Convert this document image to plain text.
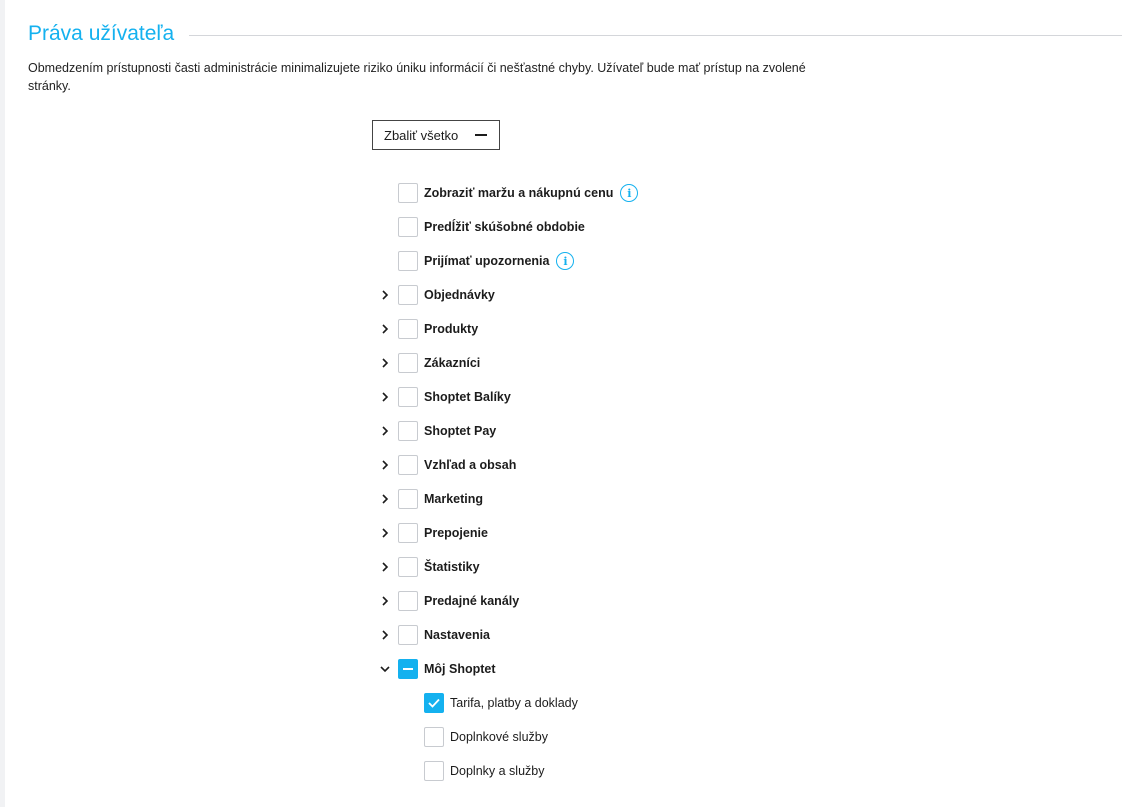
Práva užívateľa
Obmedzením prístupnosti časti administrácie minimalizujete riziko úniku informácií či nešťastné chyby. Užívateľ bude mať prístup na zvolené stránky.
Zbaliť všetko
Zobraziť maržu a nákupnú cenu	i
Predĺžiť skúšobné obdobie
Prijímať upozornenia	i
Objednávky
Produkty
Zákazníci
Shoptet Balíky
Shoptet Pay
Vzhľad a obsah
Marketing
Prepojenie
Štatistiky
Predajné kanály
Nastavenia
Môj Shoptet
Tarifa, platby a doklady
Doplnkové služby
Doplnky a služby
